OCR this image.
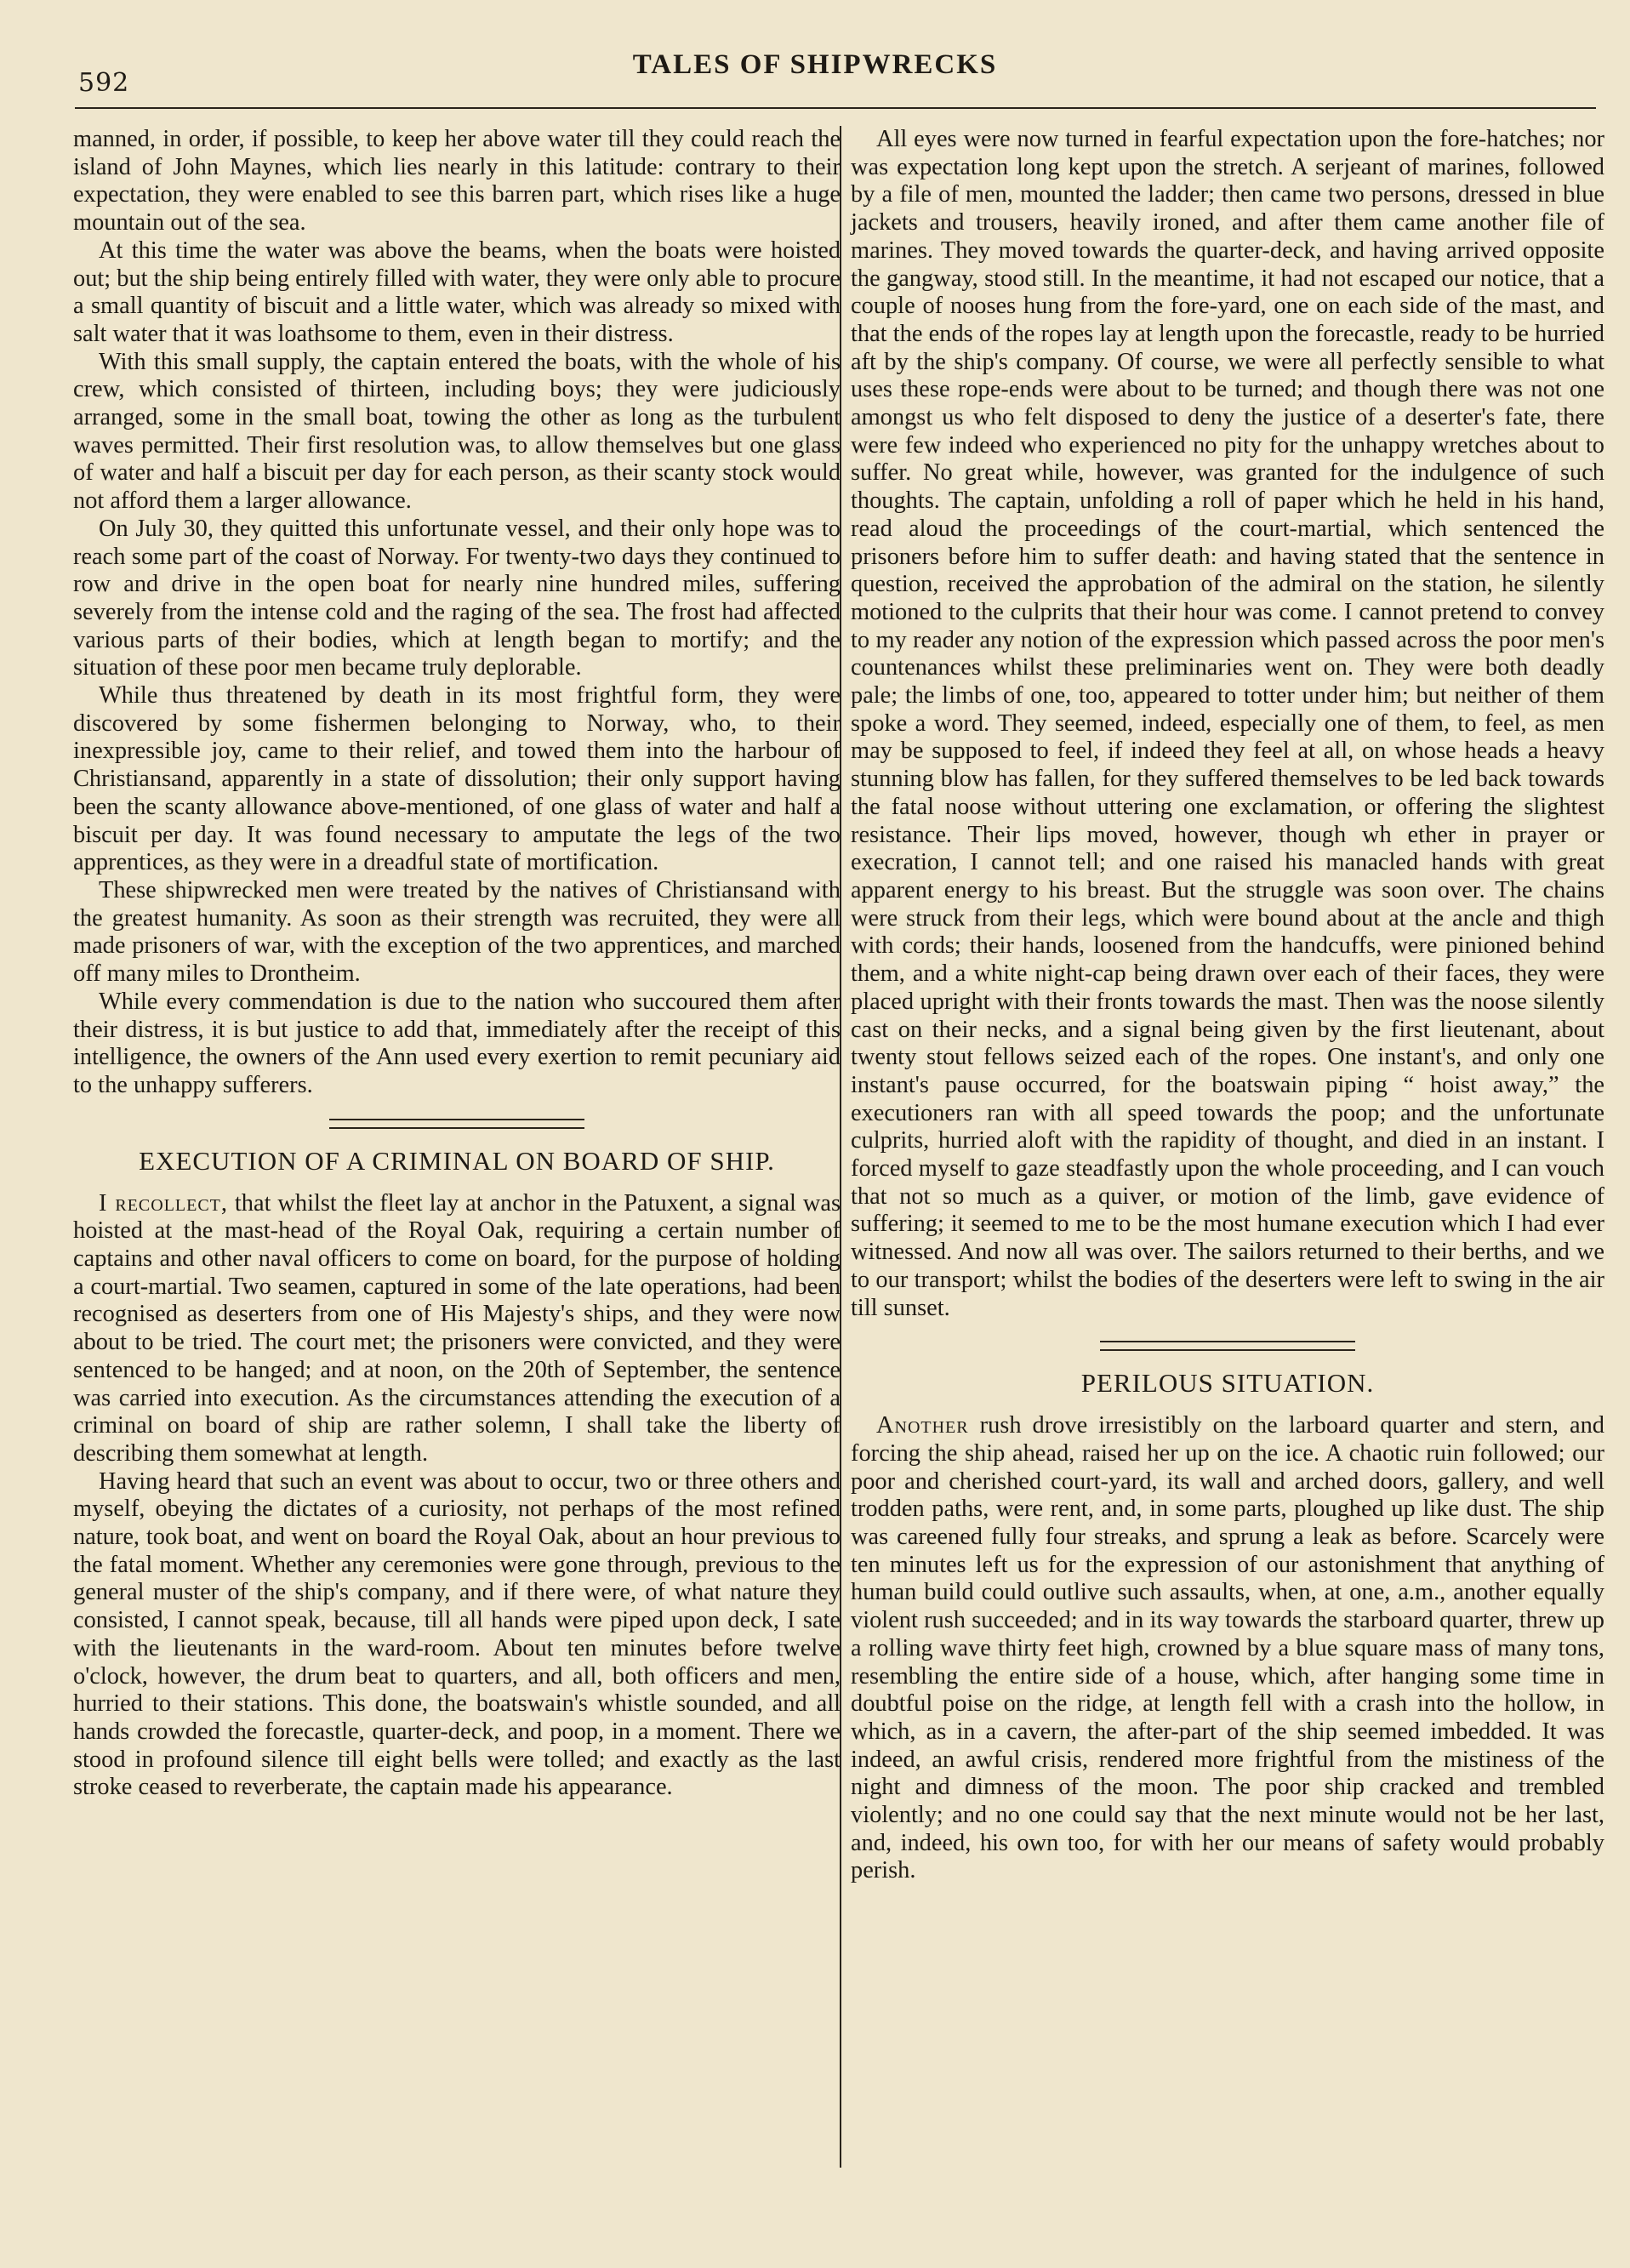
592
TALES OF SHIPWRECKS

manned, in order, if possible, to keep her above water till they could reach the island of John Maynes, which lies nearly in this latitude: contrary to their expectation, they were enabled to see this barren part, which rises like a huge mountain out of the sea.

At this time the water was above the beams, when the boats were hoisted out; but the ship being entirely filled with water, they were only able to procure a small quantity of biscuit and a little water, which was already so mixed with salt water that it was loathsome to them, even in their distress.

With this small supply, the captain entered the boats, with the whole of his crew, which consisted of thirteen, including boys; they were judiciously arranged, some in the small boat, towing the other as long as the turbulent waves permitted. Their first resolution was, to allow themselves but one glass of water and half a biscuit per day for each person, as their scanty stock would not afford them a larger allowance.

On July 30, they quitted this unfortunate vessel, and their only hope was to reach some part of the coast of Norway. For twenty-two days they continued to row and drive in the open boat for nearly nine hundred miles, suffering severely from the intense cold and the raging of the sea. The frost had affected various parts of their bodies, which at length began to mortify; and the situation of these poor men became truly deplorable.

While thus threatened by death in its most frightful form, they were discovered by some fishermen belonging to Norway, who, to their inexpressible joy, came to their relief, and towed them into the harbour of Christiansand, apparently in a state of dissolution; their only support having been the scanty allowance above-mentioned, of one glass of water and half a biscuit per day. It was found necessary to amputate the legs of the two apprentices, as they were in a dreadful state of mortification.

These shipwrecked men were treated by the natives of Christiansand with the greatest humanity. As soon as their strength was recruited, they were all made prisoners of war, with the exception of the two apprentices, and marched off many miles to Drontheim.

While every commendation is due to the nation who succoured them after their distress, it is but justice to add that, immediately after the receipt of this intelligence, the owners of the Ann used every exertion to remit pecuniary aid to the unhappy sufferers.

EXECUTION OF A CRIMINAL ON BOARD OF SHIP.

I recollect, that whilst the fleet lay at anchor in the Patuxent, a signal was hoisted at the mast-head of the Royal Oak, requiring a certain number of captains and other naval officers to come on board, for the purpose of holding a court-martial. Two seamen, captured in some of the late operations, had been recognised as deserters from one of His Majesty's ships, and they were now about to be tried. The court met; the prisoners were convicted, and they were sentenced to be hanged; and at noon, on the 20th of September, the sentence was carried into execution. As the circumstances attending the execution of a criminal on board of ship are rather solemn, I shall take the liberty of describing them somewhat at length.

Having heard that such an event was about to occur, two or three others and myself, obeying the dictates of a curiosity, not perhaps of the most refined nature, took boat, and went on board the Royal Oak, about an hour previous to the fatal moment. Whether any ceremonies were gone through, previous to the general muster of the ship's company, and if there were, of what nature they consisted, I cannot speak, because, till all hands were piped upon deck, I sate with the lieutenants in the ward-room. About ten minutes before twelve o'clock, however, the drum beat to quarters, and all, both officers and men, hurried to their stations. This done, the boatswain's whistle sounded, and all hands crowded the forecastle, quarter-deck, and poop, in a moment. There we stood in profound silence till eight bells were tolled; and exactly as the last stroke ceased to reverberate, the captain made his appearance.

All eyes were now turned in fearful expectation upon the fore-hatches; nor was expectation long kept upon the stretch. A serjeant of marines, followed by a file of men, mounted the ladder; then came two persons, dressed in blue jackets and trousers, heavily ironed, and after them came another file of marines. They moved towards the quarter-deck, and having arrived opposite the gangway, stood still. In the meantime, it had not escaped our notice, that a couple of nooses hung from the fore-yard, one on each side of the mast, and that the ends of the ropes lay at length upon the forecastle, ready to be hurried aft by the ship's company. Of course, we were all perfectly sensible to what uses these rope-ends were about to be turned; and though there was not one amongst us who felt disposed to deny the justice of a deserter's fate, there were few indeed who experienced no pity for the unhappy wretches about to suffer. No great while, however, was granted for the indulgence of such thoughts. The captain, unfolding a roll of paper which he held in his hand, read aloud the proceedings of the court-martial, which sentenced the prisoners before him to suffer death: and having stated that the sentence in question, received the approbation of the admiral on the station, he silently motioned to the culprits that their hour was come. I cannot pretend to convey to my reader any notion of the expression which passed across the poor men's countenances whilst these preliminaries went on. They were both deadly pale; the limbs of one, too, appeared to totter under him; but neither of them spoke a word. They seemed, indeed, especially one of them, to feel, as men may be supposed to feel, if indeed they feel at all, on whose heads a heavy stunning blow has fallen, for they suffered themselves to be led back towards the fatal noose without uttering one exclamation, or offering the slightest resistance. Their lips moved, however, though wh ether in prayer or execration, I cannot tell; and one raised his manacled hands with great apparent energy to his breast. But the struggle was soon over. The chains were struck from their legs, which were bound about at the ancle and thigh with cords; their hands, loosened from the handcuffs, were pinioned behind them, and a white night-cap being drawn over each of their faces, they were placed upright with their fronts towards the mast. Then was the noose silently cast on their necks, and a signal being given by the first lieutenant, about twenty stout fellows seized each of the ropes. One instant's, and only one instant's pause occurred, for the boatswain piping “ hoist away,” the executioners ran with all speed towards the poop; and the unfortunate culprits, hurried aloft with the rapidity of thought, and died in an instant. I forced myself to gaze steadfastly upon the whole proceeding, and I can vouch that not so much as a quiver, or motion of the limb, gave evidence of suffering; it seemed to me to be the most humane execution which I had ever witnessed. And now all was over. The sailors returned to their berths, and we to our transport; whilst the bodies of the deserters were left to swing in the air till sunset.

PERILOUS SITUATION.

Another rush drove irresistibly on the larboard quarter and stern, and forcing the ship ahead, raised her up on the ice. A chaotic ruin followed; our poor and cherished court-yard, its wall and arched doors, gallery, and well trodden paths, were rent, and, in some parts, ploughed up like dust. The ship was careened fully four streaks, and sprung a leak as before. Scarcely were ten minutes left us for the expression of our astonishment that anything of human build could outlive such assaults, when, at one, a.m., another equally violent rush succeeded; and in its way towards the starboard quarter, threw up a rolling wave thirty feet high, crowned by a blue square mass of many tons, resembling the entire side of a house, which, after hanging some time in doubtful poise on the ridge, at length fell with a crash into the hollow, in which, as in a cavern, the after-part of the ship seemed imbedded. It was indeed, an awful crisis, rendered more frightful from the mistiness of the night and dimness of the moon. The poor ship cracked and trembled violently; and no one could say that the next minute would not be her last, and, indeed, his own too, for with her our means of safety would probably perish.
